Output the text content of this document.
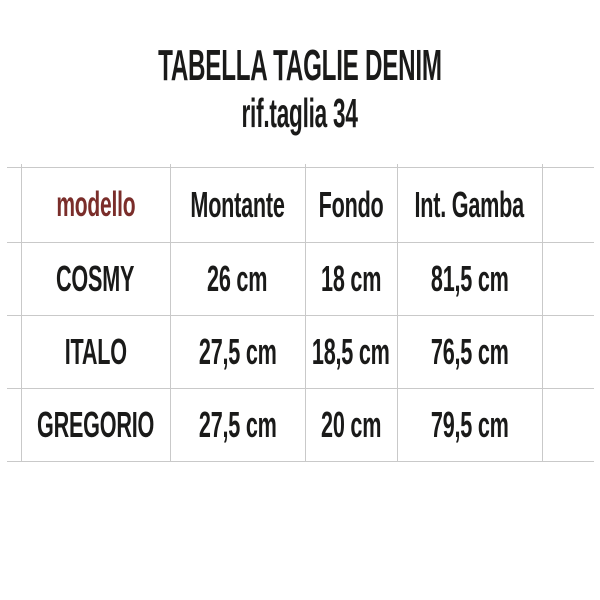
TABELLA TAGLIE DENIM
rif.taglia 34
modello Montante Fondo Int. Gamba
COSMY 26 cm 18 cm 81,5 cm
ITALO 27,5 cm 18,5 cm 76,5 cm
GREGORIO 27,5 cm 20 cm 79,5 cm
